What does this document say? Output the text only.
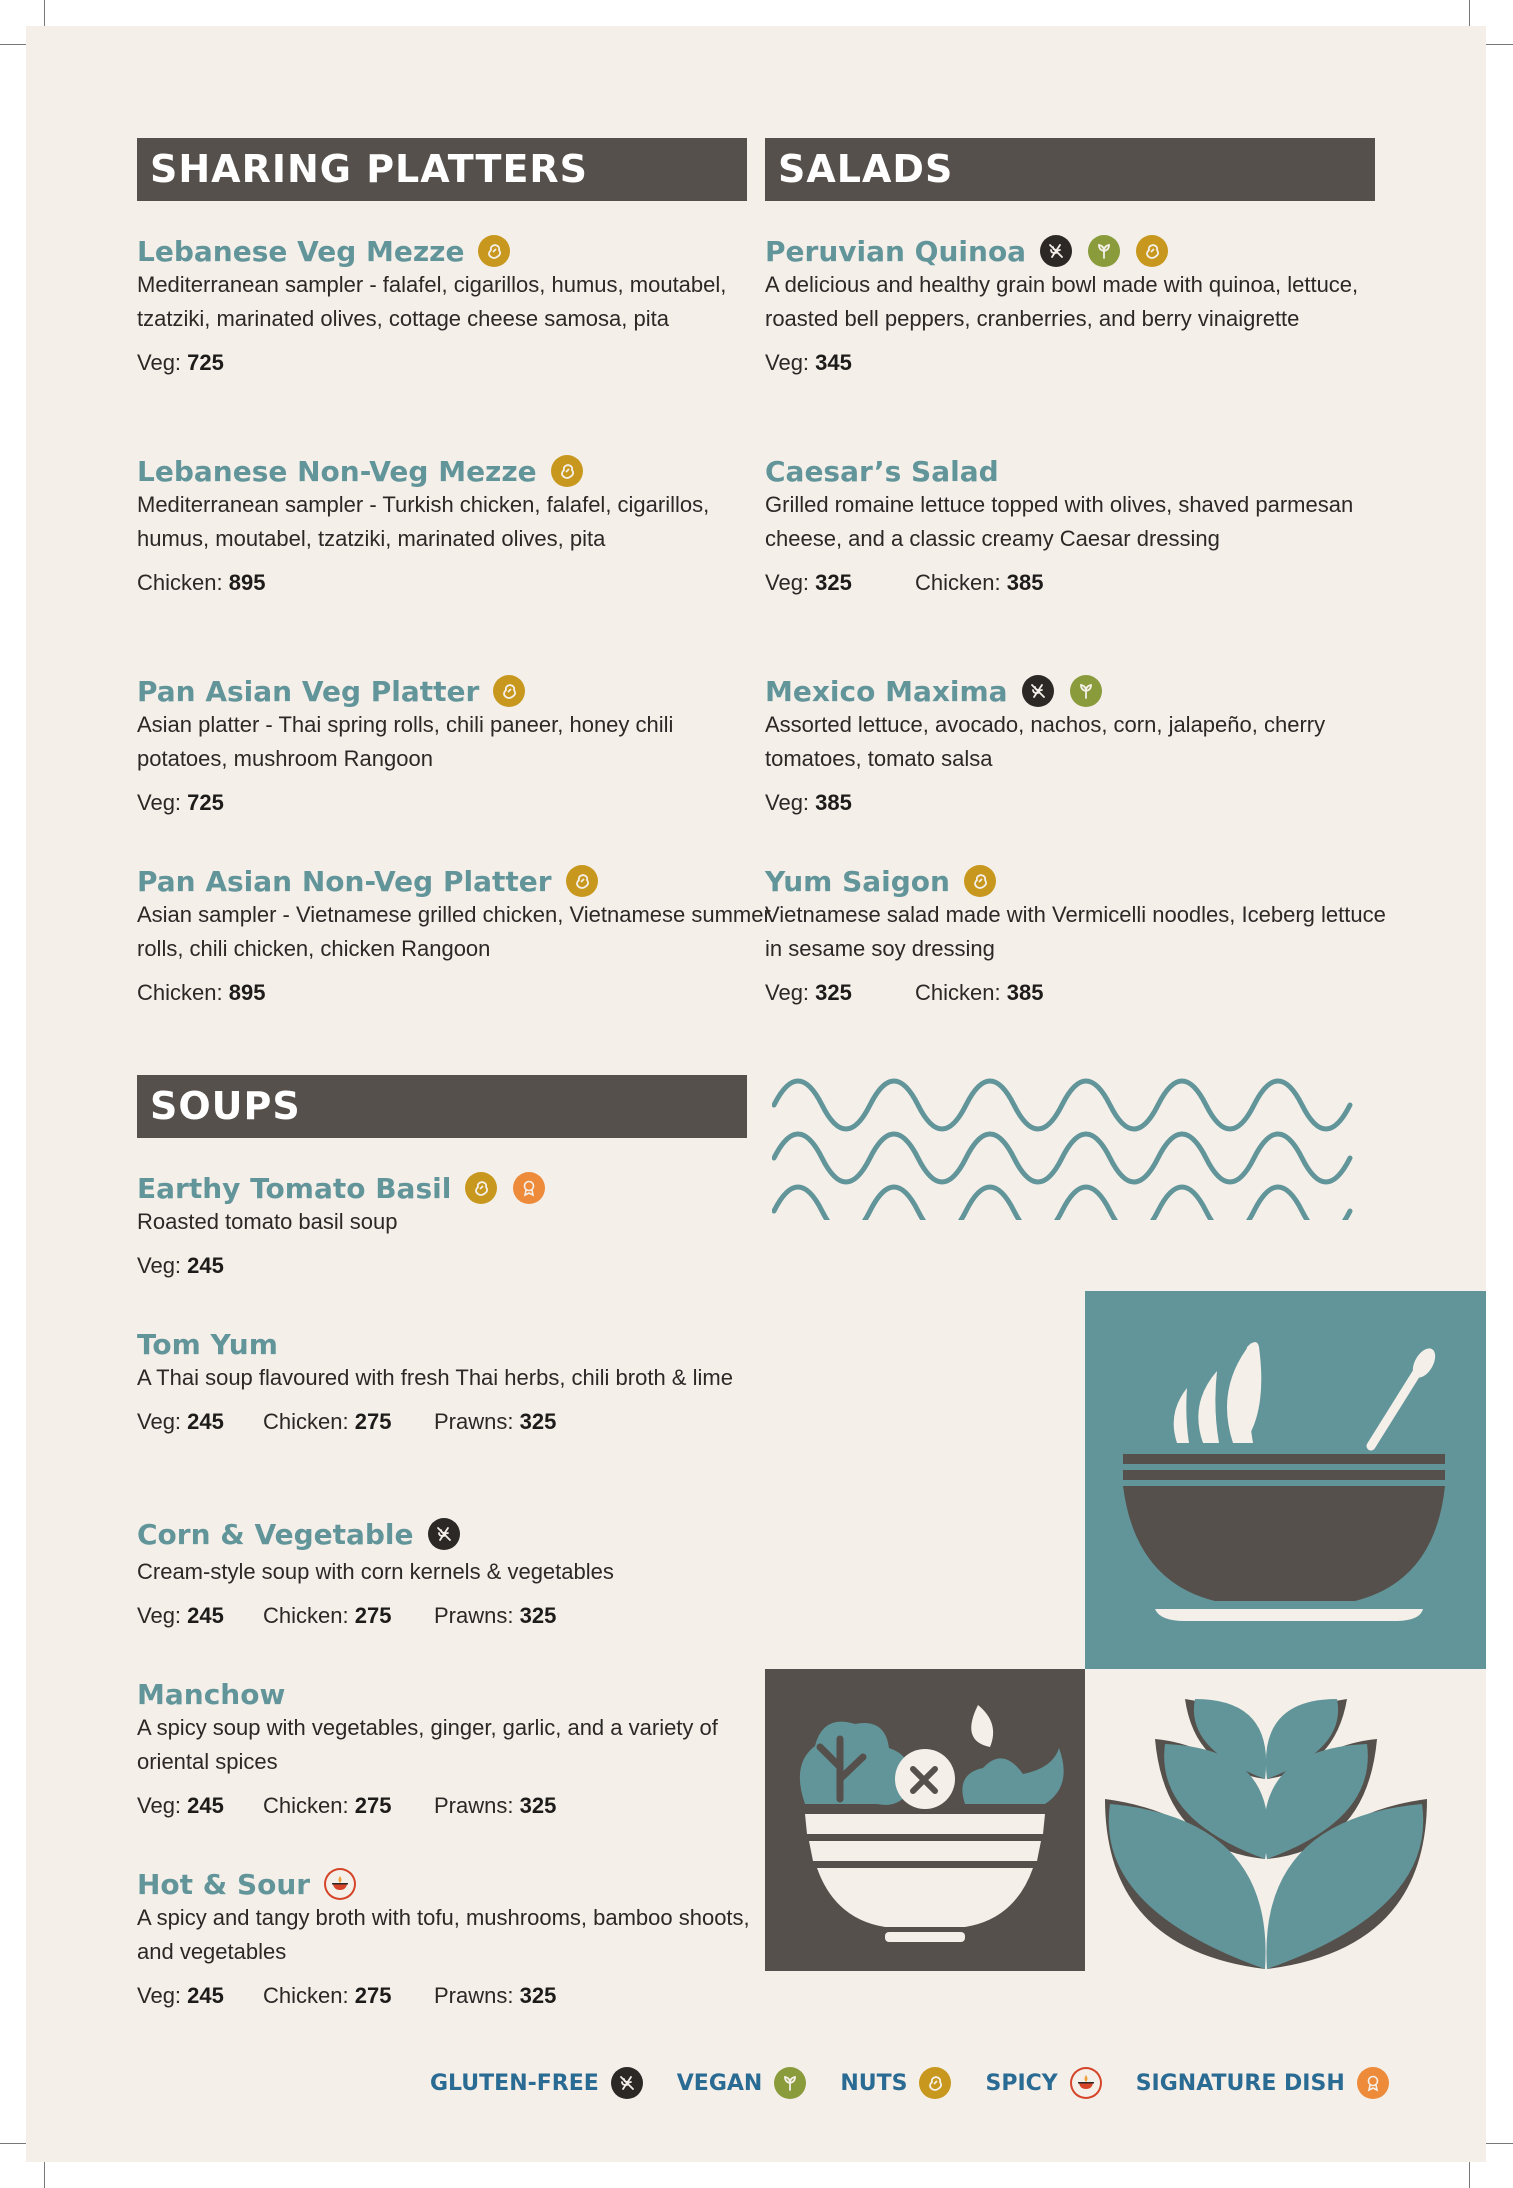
SHARING PLATTERS	SALADS
SOUPS
Lebanese Veg Mezze
Mediterranean sampler - falafel, cigarillos, humus, moutabel, tzatziki, marinated olives, cottage cheese samosa, pita
Veg: 725
Lebanese Non-Veg Mezze
Mediterranean sampler - Turkish chicken, falafel, cigarillos, humus, moutabel, tzatziki, marinated olives, pita
Chicken: 895
Pan Asian Veg Platter
Asian platter - Thai spring rolls, chili paneer, honey chili potatoes, mushroom Rangoon
Veg: 725
Pan Asian Non-Veg Platter
Asian sampler - Vietnamese grilled chicken, Vietnamese summer rolls, chili chicken, chicken Rangoon
Chicken: 895
Peruvian Quinoa
A delicious and healthy grain bowl made with quinoa, lettuce, roasted bell peppers, cranberries, and berry vinaigrette
Veg: 345
Caesar’s Salad
Grilled romaine lettuce topped with olives, shaved parmesan cheese, and a classic creamy Caesar dressing
Veg: 325	Chicken: 385
Mexico Maxima
Assorted lettuce, avocado, nachos, corn, jalapeño, cherry tomatoes, tomato salsa
Veg: 385
Yum Saigon
Vietnamese salad made with Vermicelli noodles, Iceberg lettuce in sesame soy dressing
Veg: 325	Chicken: 385
Earthy Tomato Basil
Roasted tomato basil soup
Veg: 245
Tom Yum
A Thai soup flavoured with fresh Thai herbs, chili broth & lime
Veg: 245 Chicken: 275 Prawns: 325
Corn & Vegetable
Cream-style soup with corn kernels & vegetables
Veg: 245 Chicken: 275 Prawns: 325
Manchow
A spicy soup with vegetables, ginger, garlic, and a variety of oriental spices
Veg: 245 Chicken: 275 Prawns: 325
Hot & Sour
A spicy and tangy broth with tofu, mushrooms, bamboo shoots, and vegetables
Veg: 245 Chicken: 275 Prawns: 325
GLUTEN-FREE	VEGAN	NUTS	SPICY	SIGNATURE DISH
